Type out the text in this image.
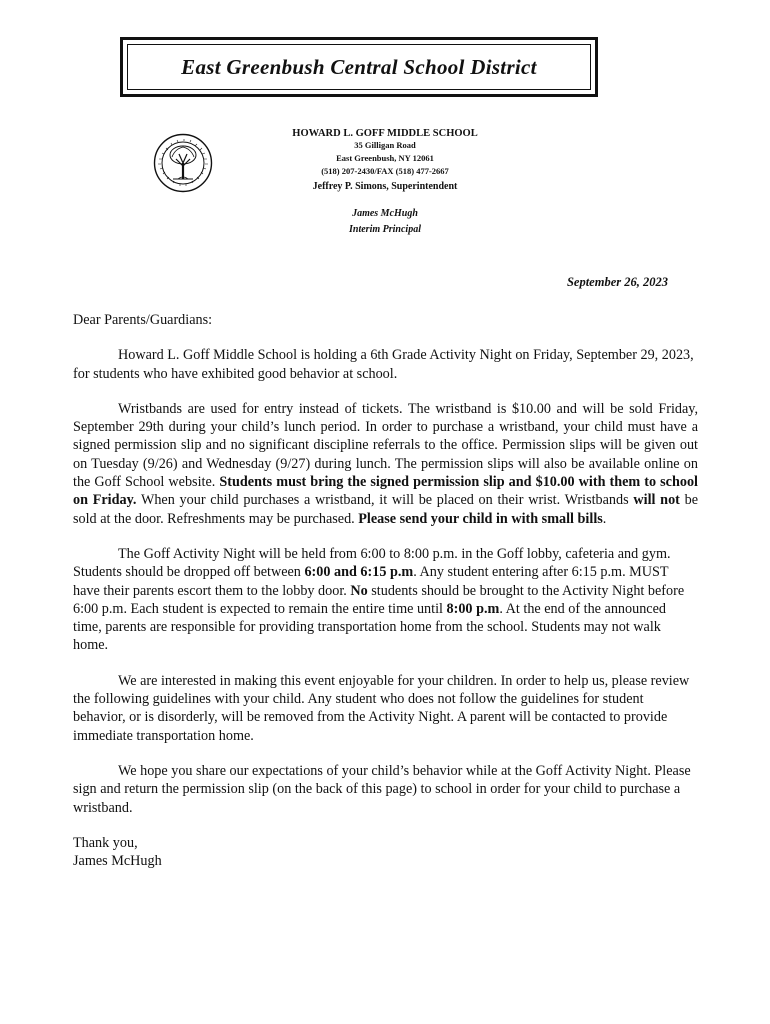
East Greenbush Central School District
HOWARD L. GOFF MIDDLE SCHOOL
35 Gilligan Road
East Greenbush, NY 12061
(518) 207-2430/FAX (518) 477-2667
Jeffrey P. Simons, Superintendent
James McHugh
Interim Principal
September 26, 2023

Dear Parents/Guardians:

Howard L. Goff Middle School is holding a 6th Grade Activity Night on Friday, September 29, 2023, for students who have exhibited good behavior at school.

Wristbands are used for entry instead of tickets. The wristband is $10.00 and will be sold Friday, September 29th during your child’s lunch period. In order to purchase a wristband, your child must have a signed permission slip and no significant discipline referrals to the office. Permission slips will be given out on Tuesday (9/26) and Wednesday (9/27) during lunch. The permission slips will also be available online on the Goff School website. Students must bring the signed permission slip and $10.00 with them to school on Friday. When your child purchases a wristband, it will be placed on their wrist. Wristbands will not be sold at the door. Refreshments may be purchased. Please send your child in with small bills.

The Goff Activity Night will be held from 6:00 to 8:00 p.m. in the Goff lobby, cafeteria and gym. Students should be dropped off between 6:00 and 6:15 p.m. Any student entering after 6:15 p.m. MUST have their parents escort them to the lobby door. No students should be brought to the Activity Night before 6:00 p.m. Each student is expected to remain the entire time until 8:00 p.m. At the end of the announced time, parents are responsible for providing transportation home from the school. Students may not walk home.

We are interested in making this event enjoyable for your children. In order to help us, please review the following guidelines with your child. Any student who does not follow the guidelines for student behavior, or is disorderly, will be removed from the Activity Night. A parent will be contacted to provide immediate transportation home.

We hope you share our expectations of your child’s behavior while at the Goff Activity Night. Please sign and return the permission slip (on the back of this page) to school in order for your child to purchase a wristband.

Thank you,

James McHugh
